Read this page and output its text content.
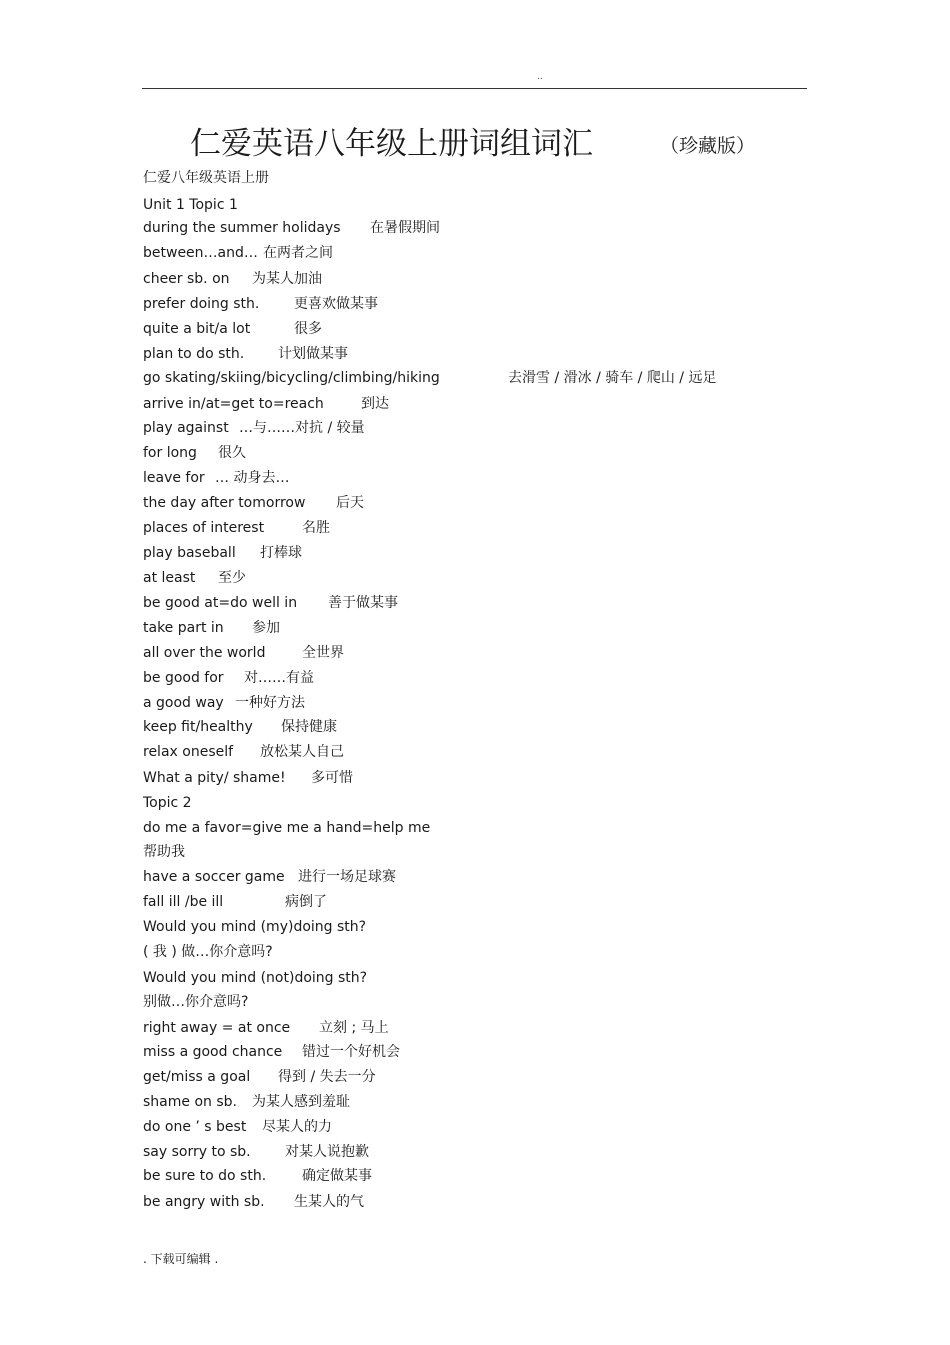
..
仁爱英语八年级上册词组词汇	（珍藏版）
仁爱八年级英语上册
Unit 1 Topic 1
during the summer holidays 在暑假期间
between…and… 在两者之间
cheer sb. on 为某人加油
prefer doing sth. 更喜欢做某事
quite a bit/a lot	很多
plan to do sth. 计划做某事
go skating/skiing/bicycling/climbing/hiking	去滑雪 / 滑冰 / 骑车 / 爬山 / 远足
arrive in/at=get to=reach	到达
play against …与……对抗 / 较量
for long 很久
leave for … 动身去…
the day after tomorrow 后天
places of interest	名胜
play baseball 打棒球
at least 至少
be good at=do well in 善于做某事
take part in 参加
all over the world	全世界
be good for 对……有益
a good way 一种好方法
keep fit/healthy 保持健康
relax oneself 放松某人自己
What a pity/ shame! 多可惜
Topic 2
do me a favor=give me a hand=help me
帮助我
have a soccer game 进行一场足球赛
fall ill /be ill	病倒了
Would you mind (my)doing sth?
( 我 ) 做…你介意吗?
Would you mind (not)doing sth?
别做…你介意吗?
right away = at once 立刻 ; 马上
miss a good chance 错过一个好机会
get/miss a goal 得到 / 失去一分
shame on sb. 为某人感到羞耻
do one ’ s best 尽某人的力
say sorry to sb. 对某人说抱歉
be sure to do sth.	确定做某事
be angry with sb. 生某人的气
. 下载可编辑 .
